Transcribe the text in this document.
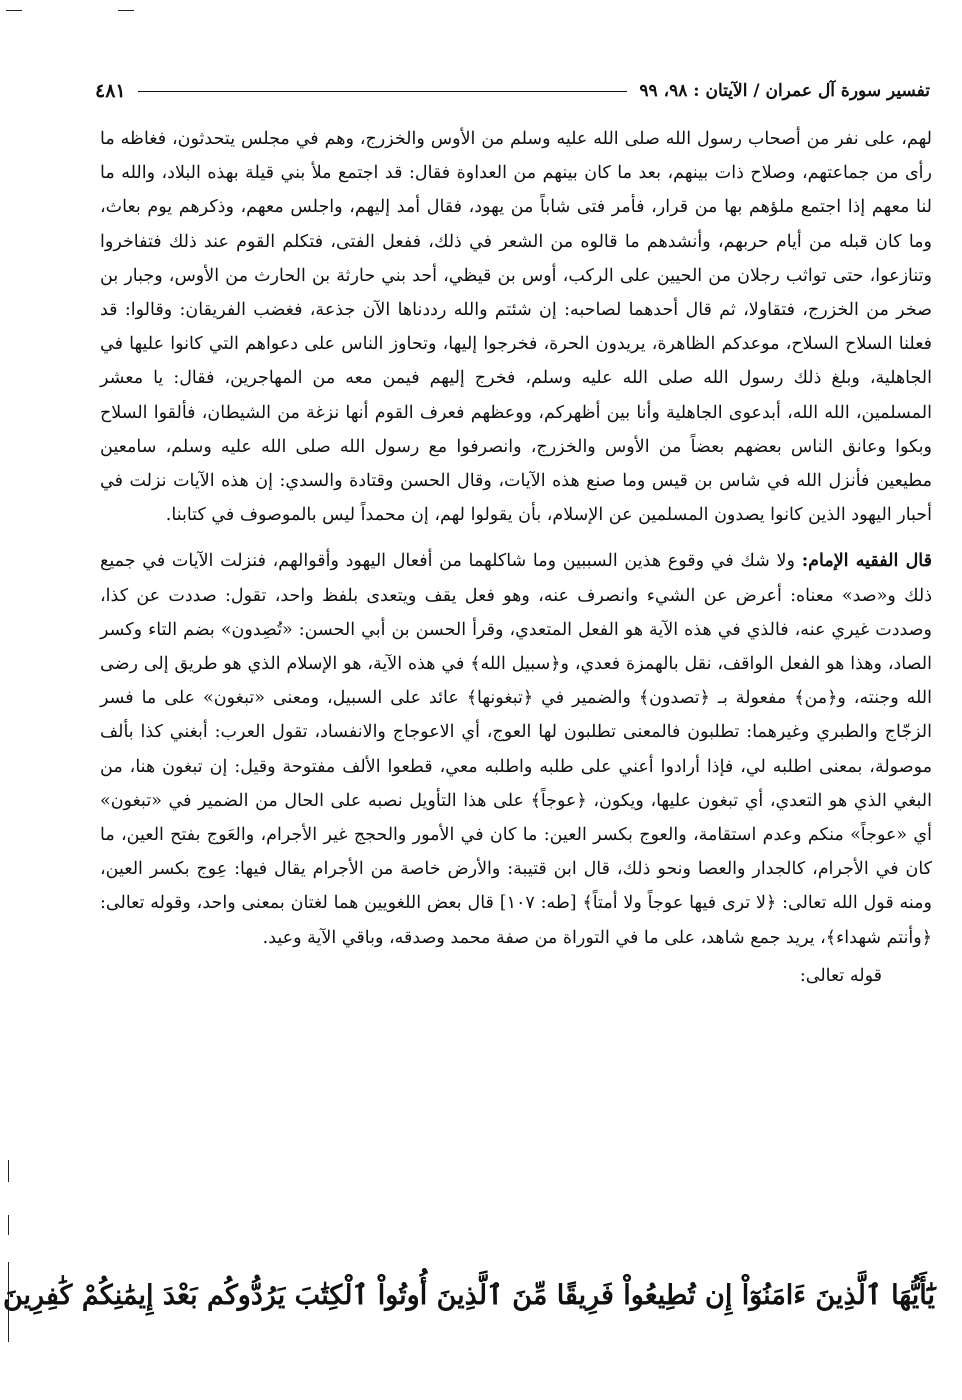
تفسير سورة آل عمران / الآيتان : ٩٨، ٩٩
٤٨١

لهم، على نفر من أصحاب رسول الله صلى الله عليه وسلم من الأوس والخزرج، وهم في مجلس يتحدثون، فغاظه ما رأى من جماعتهم، وصلاح ذات بينهم، بعد ما كان بينهم من العداوة فقال: قد اجتمع ملأ بني قيلة بهذه البلاد، والله ما لنا معهم إذا اجتمع ملؤهم بها من قرار، فأمر فتى شاباً من يهود، فقال أمد إليهم، واجلس معهم، وذكرهم يوم بعاث، وما كان قبله من أيام حربهم، وأنشدهم ما قالوه من الشعر في ذلك، ففعل الفتى، فتكلم القوم عند ذلك فتفاخروا وتنازعوا، حتى تواثب رجلان من الحيين على الركب، أوس بن قيظي، أحد بني حارثة بن الحارث من الأوس، وجبار بن صخر من الخزرج، فتقاولا، ثم قال أحدهما لصاحبه: إن شئتم والله رددناها الآن جذعة، فغضب الفريقان: وقالوا: قد فعلنا السلاح السلاح، موعدكم الظاهرة، يريدون الحرة، فخرجوا إليها، وتحاوز الناس على دعواهم التي كانوا عليها في الجاهلية، وبلغ ذلك رسول الله صلى الله عليه وسلم، فخرج إليهم فيمن معه من المهاجرين، فقال: يا معشر المسلمين، الله الله، أبدعوى الجاهلية وأنا بين أظهركم، ووعظهم فعرف القوم أنها نزغة من الشيطان، فألقوا السلاح وبكوا وعانق الناس بعضهم بعضاً من الأوس والخزرج، وانصرفوا مع رسول الله صلى الله عليه وسلم، سامعين مطيعين فأنزل الله في شاس بن قيس وما صنع هذه الآيات، وقال الحسن وقتادة والسدي: إن هذه الآيات نزلت في أحبار اليهود الذين كانوا يصدون المسلمين عن الإسلام، بأن يقولوا لهم، إن محمداً ليس بالموصوف في كتابنا.

قال الفقيه الإمام: ولا شك في وقوع هذين السببين وما شاكلهما من أفعال اليهود وأقوالهم، فنزلت الآيات في جميع ذلك و«صد» معناه: أعرض عن الشيء وانصرف عنه، وهو فعل يقف ويتعدى بلفظ واحد، تقول: صددت عن كذا، وصددت غيري عنه، فالذي في هذه الآية هو الفعل المتعدي، وقرأ الحسن بن أبي الحسن: «تُصِدون» بضم التاء وكسر الصاد، وهذا هو الفعل الواقف، نقل بالهمزة فعدي، و﴿سبيل الله﴾ في هذه الآية، هو الإسلام الذي هو طريق إلى رضى الله وجنته، و﴿من﴾ مفعولة بـ ﴿تصدون﴾ والضمير في ﴿تبغونها﴾ عائد على السبيل، ومعنى «تبغون» على ما فسر الزجّاج والطبري وغيرهما: تطلبون فالمعنى تطلبون لها العوج، أي الاعوجاج والانفساد، تقول العرب: أبغني كذا بألف موصولة، بمعنى اطلبه لي، فإذا أرادوا أعني على طلبه واطلبه معي، قطعوا الألف مفتوحة وقيل: إن تبغون هنا، من البغي الذي هو التعدي، أي تبغون عليها، ويكون، ﴿عوجاً﴾ على هذا التأويل نصبه على الحال من الضمير في «تبغون» أي «عوجاً» منكم وعدم استقامة، والعوج بكسر العين: ما كان في الأمور والحجج غير الأجرام، والعَوج بفتح العين، ما كان في الأجرام، كالجدار والعصا ونحو ذلك، قال ابن قتيبة: والأرض خاصة من الأجرام يقال فيها: عِوج بكسر العين، ومنه قول الله تعالى: ﴿لا ترى فيها عوجاً ولا أمتاً﴾ [طه: ١٠٧] قال بعض اللغويين هما لغتان بمعنى واحد، وقوله تعالى: ﴿وأنتم شهداء﴾، يريد جمع شاهد، على ما في التوراة من صفة محمد وصدقه، وباقي الآية وعيد.

قوله تعالى:

يَٰٓأَيُّهَا ٱلَّذِينَ ءَامَنُوٓاْ إِن تُطِيعُواْ فَرِيقًا مِّنَ ٱلَّذِينَ أُوتُواْ ٱلْكِتَٰبَ يَرُدُّوكُم بَعْدَ إِيمَٰنِكُمْ كَٰفِرِينَ
